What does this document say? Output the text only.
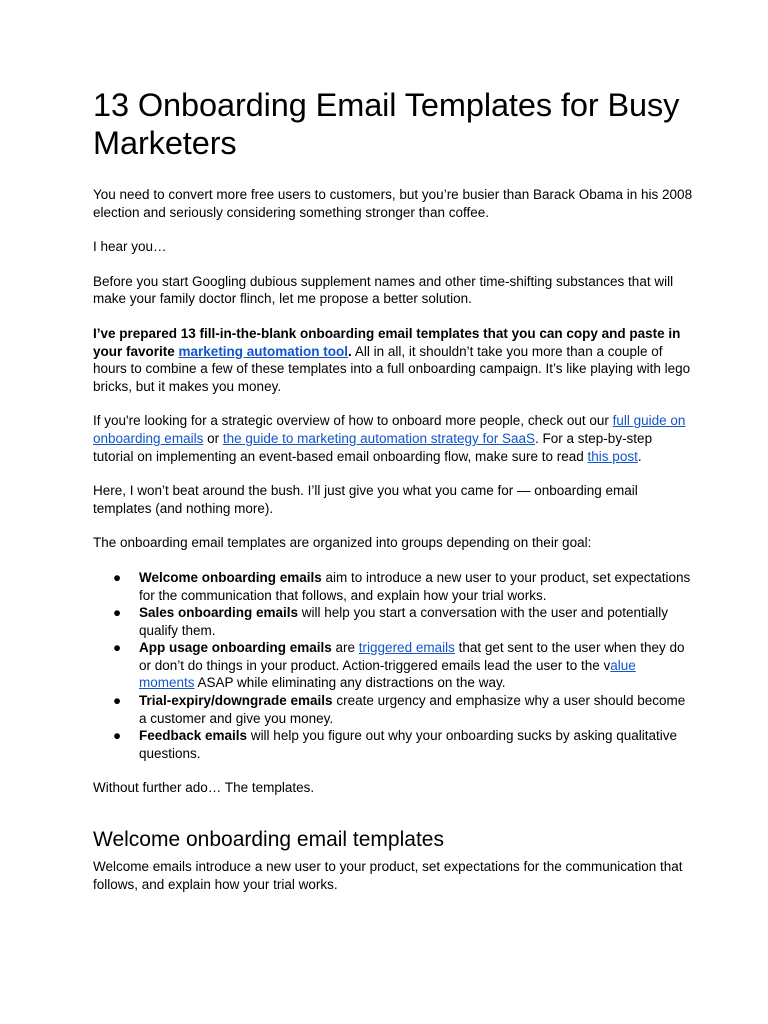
13 Onboarding Email Templates for Busy Marketers

You need to convert more free users to customers, but you’re busier than Barack Obama in his 2008 election and seriously considering something stronger than coffee.

I hear you…

Before you start Googling dubious supplement names and other time-shifting substances that will make your family doctor flinch, let me propose a better solution.

I’ve prepared 13 fill-in-the-blank onboarding email templates that you can copy and paste in your favorite marketing automation tool. All in all, it shouldn’t take you more than a couple of hours to combine a few of these templates into a full onboarding campaign. It’s like playing with lego bricks, but it makes you money.

If you're looking for a strategic overview of how to onboard more people, check out our full guide on onboarding emails or the guide to marketing automation strategy for SaaS. For a step-by-step tutorial on implementing an event-based email onboarding flow, make sure to read this post.

Here, I won’t beat around the bush. I’ll just give you what you came for — onboarding email templates (and nothing more).

The onboarding email templates are organized into groups depending on their goal:

● Welcome onboarding emails aim to introduce a new user to your product, set expectations for the communication that follows, and explain how your trial works.
● Sales onboarding emails will help you start a conversation with the user and potentially qualify them.
● App usage onboarding emails are triggered emails that get sent to the user when they do or don’t do things in your product. Action-triggered emails lead the user to the value moments ASAP while eliminating any distractions on the way.
● Trial-expiry/downgrade emails create urgency and emphasize why a user should become a customer and give you money.
● Feedback emails will help you figure out why your onboarding sucks by asking qualitative questions.

Without further ado… The templates.

Welcome onboarding email templates

Welcome emails introduce a new user to your product, set expectations for the communication that follows, and explain how your trial works.
